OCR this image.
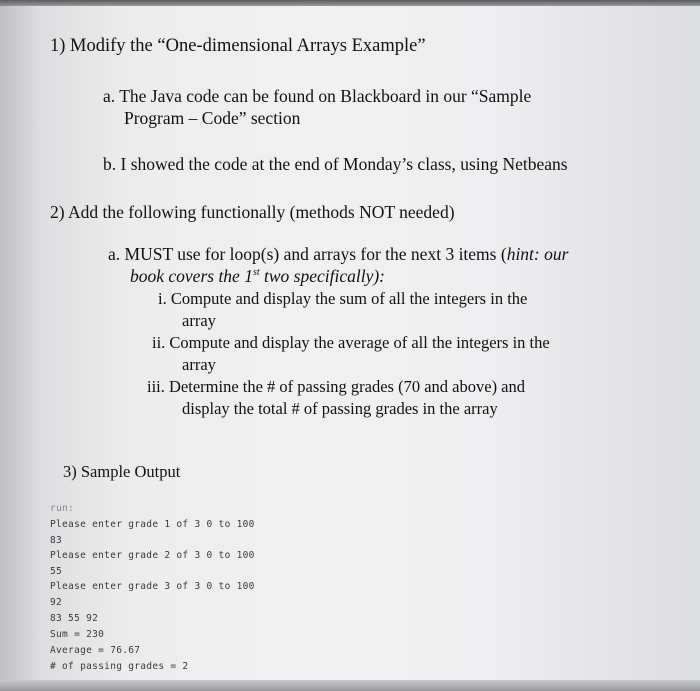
1) Modify the “One-dimensional Arrays Example”
a. The Java code can be found on Blackboard in our “Sample
Program – Code” section
b. I showed the code at the end of Monday’s class, using Netbeans
2) Add the following functionally (methods NOT needed)
a. MUST use for loop(s) and arrays for the next 3 items (hint: our
book covers the 1st two specifically):
i. Compute and display the sum of all the integers in the
array
ii. Compute and display the average of all the integers in the
array
iii. Determine the # of passing grades (70 and above) and
display the total # of passing grades in the array
3) Sample Output
run:
Please enter grade 1 of 3 0 to 100
83
Please enter grade 2 of 3 0 to 100
55
Please enter grade 3 of 3 0 to 100
92
83 55 92
Sum = 230
Average = 76.67
# of passing grades = 2
